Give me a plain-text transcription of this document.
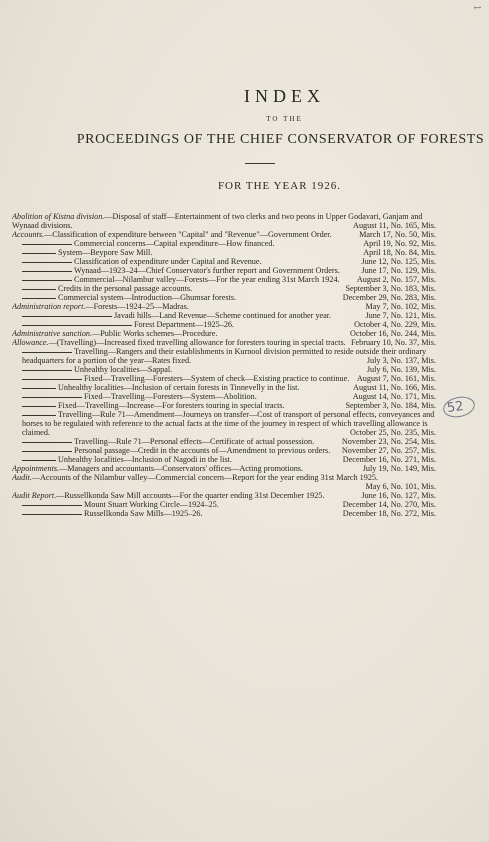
1
INDEX
TO THE
PROCEEDINGS OF THE CHIEF CONSERVATOR OF FORESTS
FOR THE YEAR 1926.
Abolition of Kistna division.—Disposal of staff—Entertainment of two clerks and two peons in Upper Godavari, Ganjam and Wynaad divisions.	August 11, No. 165, Mis.
Accounts.—Classification of expenditure between "Capital" and "Revenue"—Government Order.	March 17, No. 50, Mis.
Commercial concerns—Capital expenditure—How financed.	April 19, No. 92, Mis.
System—Beypore Saw Mill.	April 18, No. 84, Mis.
Classification of expenditure under Capital and Revenue.	June 12, No. 125, Mis.
Wynaad—1923–24—Chief Conservator's further report and Government Orders.	June 17, No. 129, Mis.
Commercial—Nilambur valley—Forests—For the year ending 31st March 1924.	August 2, No. 157, Mis.
Credits in the personal passage accounts.	September 3, No. 183, Mis.
Commercial system—Introduction—Ghumsar forests.	December 29, No. 283, Mis.
Administration report.—Forests—1924–25—Madras.	May 7, No. 102, Mis.
Javadi hills—Land Revenue—Scheme continued for another year.	June 7, No. 121, Mis.
Forest Department—1925–26.	October 4, No. 229, Mis.
Administrative sanction.—Public Works schemes—Procedure.	October 16, No. 244, Mis.
Allowance.—(Travelling)—Increased fixed travelling allowance for foresters touring in special tracts. February 10, No. 37, Mis.
Travelling—Rangers and their establishments in Kurnool division permitted to reside outside their ordinary headquarters for a portion of the year—Rates fixed.	July 3, No. 137, Mis.
Unhealthy localities—Sappal.	July 6, No. 139, Mis.
Fixed—Travelling—Foresters—System of check—Existing practice to continue. August 7, No. 161, Mis.
Unhealthy localities—Inclusion of certain forests in Tinnevelly in the list.	August 11, No. 166, Mis.
Fixed—Travelling—Foresters—System—Abolition.	August 14, No. 171, Mis.
Fixed—Travelling—Increase—For foresters touring in special tracts.	September 3, No. 184, Mis.
Travelling—Rule 71—Amendment—Journeys on transfer—Cost of transport of personal effects, conveyances and horses to be regulated with reference to the actual facts at the time of the journey in respect of which travelling allowance is claimed.	October 25, No. 235, Mis.
Travelling—Rule 71—Personal effects—Certificate of actual possession.	November 23, No. 254, Mis.
Personal passage—Credit in the accounts of—Amendment to previous orders.	November 27, No. 257, Mis.
Unhealthy localities—Inclusion of Nagodi in the list.	December 16, No. 271, Mis.
Appointments.—Managers and accountants—Conservators' offices—Acting promotions.	July 19, No. 149, Mis.
Audit.—Accounts of the Nilambur valley—Commercial concern—Report for the year ending 31st March 1925.
May 6, No. 101, Mis.
Audit Report.—Russellkonda Saw Mill accounts—For the quarter ending 31st December 1925.	June 16, No. 127, Mis.
Mount Stuart Working Circle—1924–25.	December 14, No. 270, Mis.
Russellkonda Saw Mills—1925–26.	December 18, No. 272, Mis.
52
